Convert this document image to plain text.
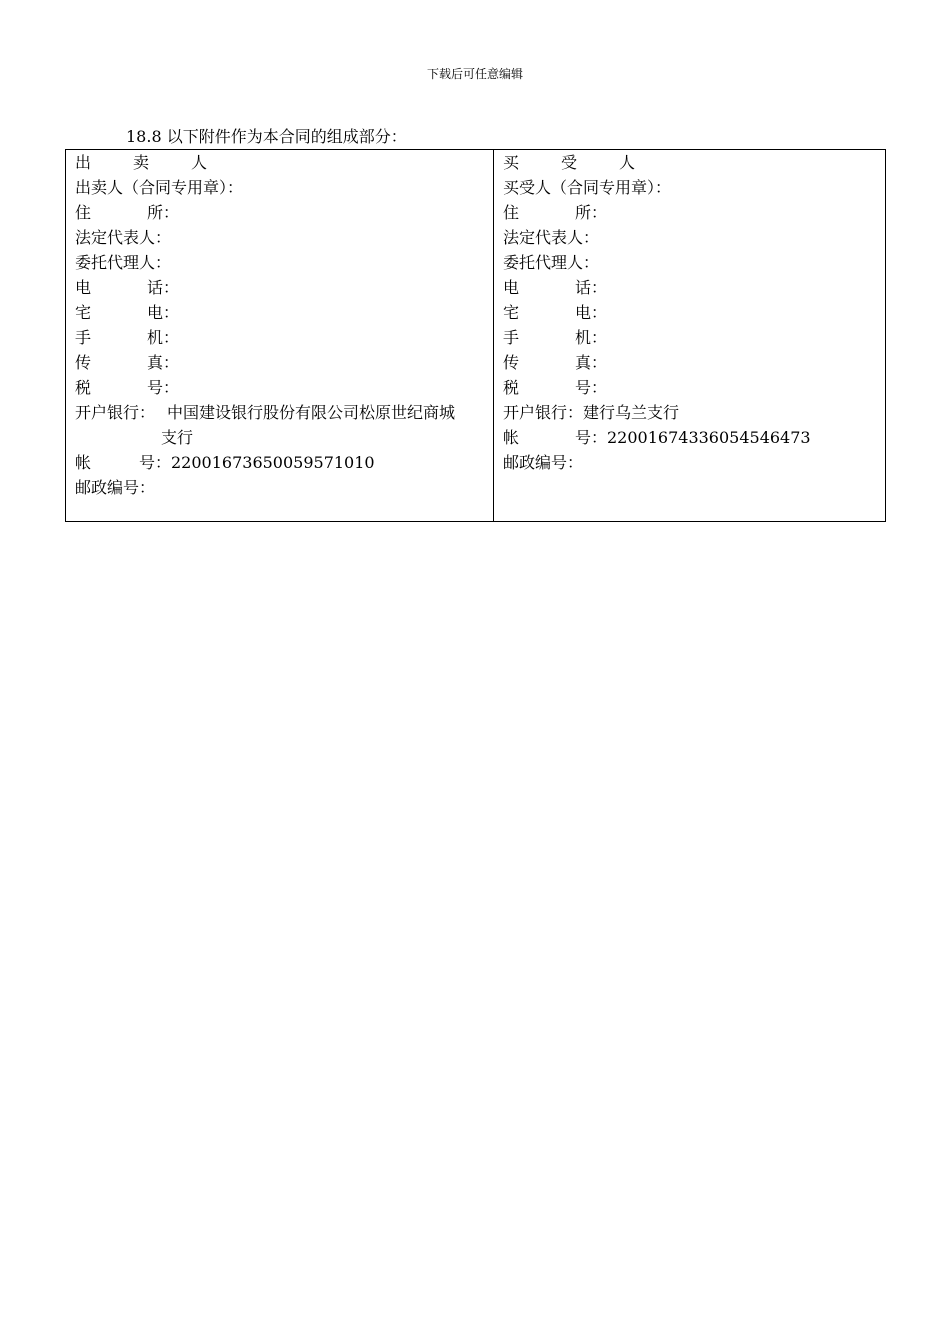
下载后可任意编辑
18.8 以下附件作为本合同的组成部分：
出	卖	人
出卖人（合同专用章）：
住	所：
法定代表人：
委托代理人：
电	话：
宅	电：
手	机：
传	真：
税	号：
开户银行： 中国建设银行股份有限公司松原世纪商城支行
帐	号： 22001673650059571010
邮政编号：
买	受	人
买受人（合同专用章）：
住	所：
法定代表人：
委托代理人：
电	话：
宅	电：
手	机：
传	真：
税	号：
开户银行： 建行乌兰支行
帐	号： 22001674336054546473
邮政编号：
